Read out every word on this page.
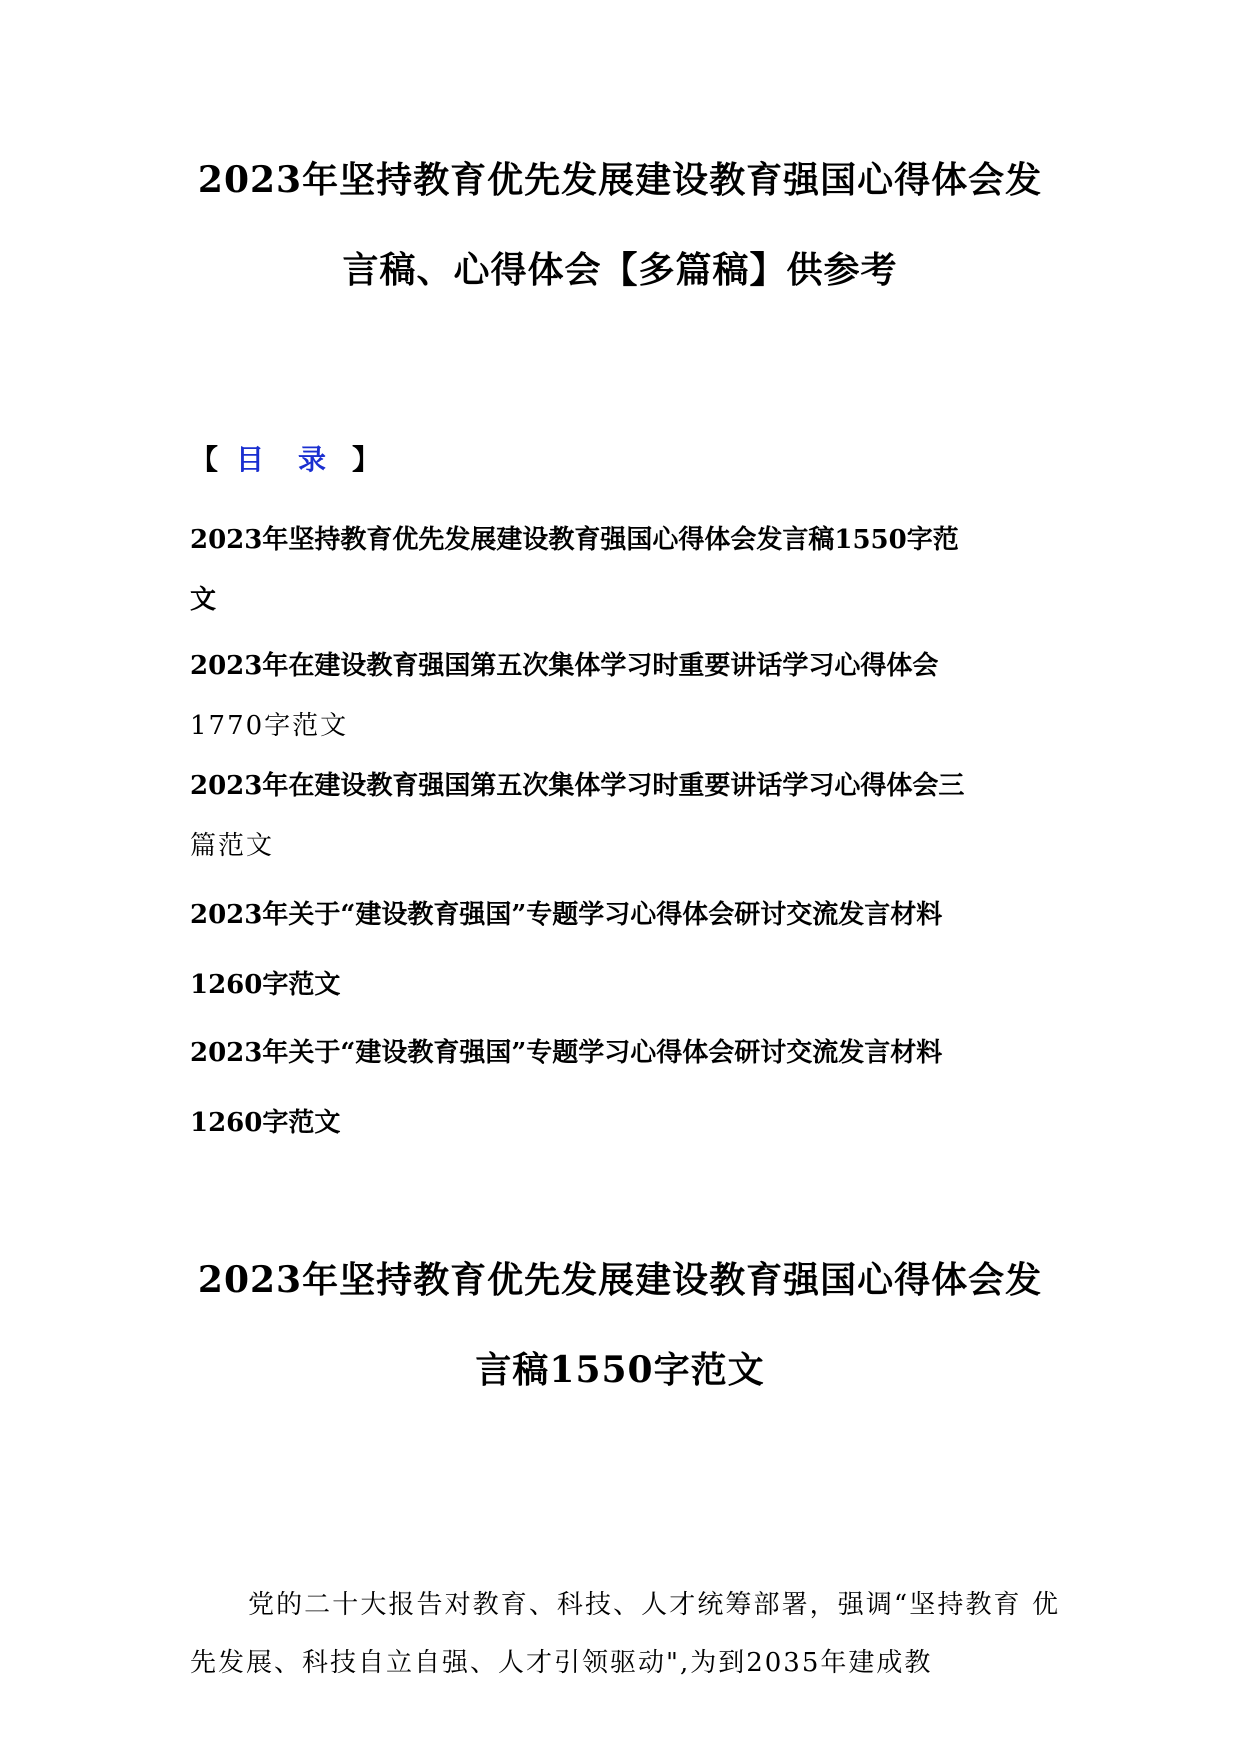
2023年坚持教育优先发展建设教育强国心得体会发
言稿、心得体会【多篇稿】供参考
【 目录】

2023年坚持教育优先发展建设教育强国心得体会发言稿1550字范
文

2023年在建设教育强国第五次集体学习时重要讲话学习心得体会
1770字范文

2023年在建设教育强国第五次集体学习时重要讲话学习心得体会三
篇范文

2023年关于“建设教育强国”专题学习心得体会研讨交流发言材料
1260字范文

2023年关于“建设教育强国”专题学习心得体会研讨交流发言材料
1260字范文

2023年坚持教育优先发展建设教育强国心得体会发
言稿1550字范文

党的二十大报告对教育、科技、人才统筹部署，强调“坚持教育 优先发展、科技自立自强、人才引领驱动",为到2035年建成教
